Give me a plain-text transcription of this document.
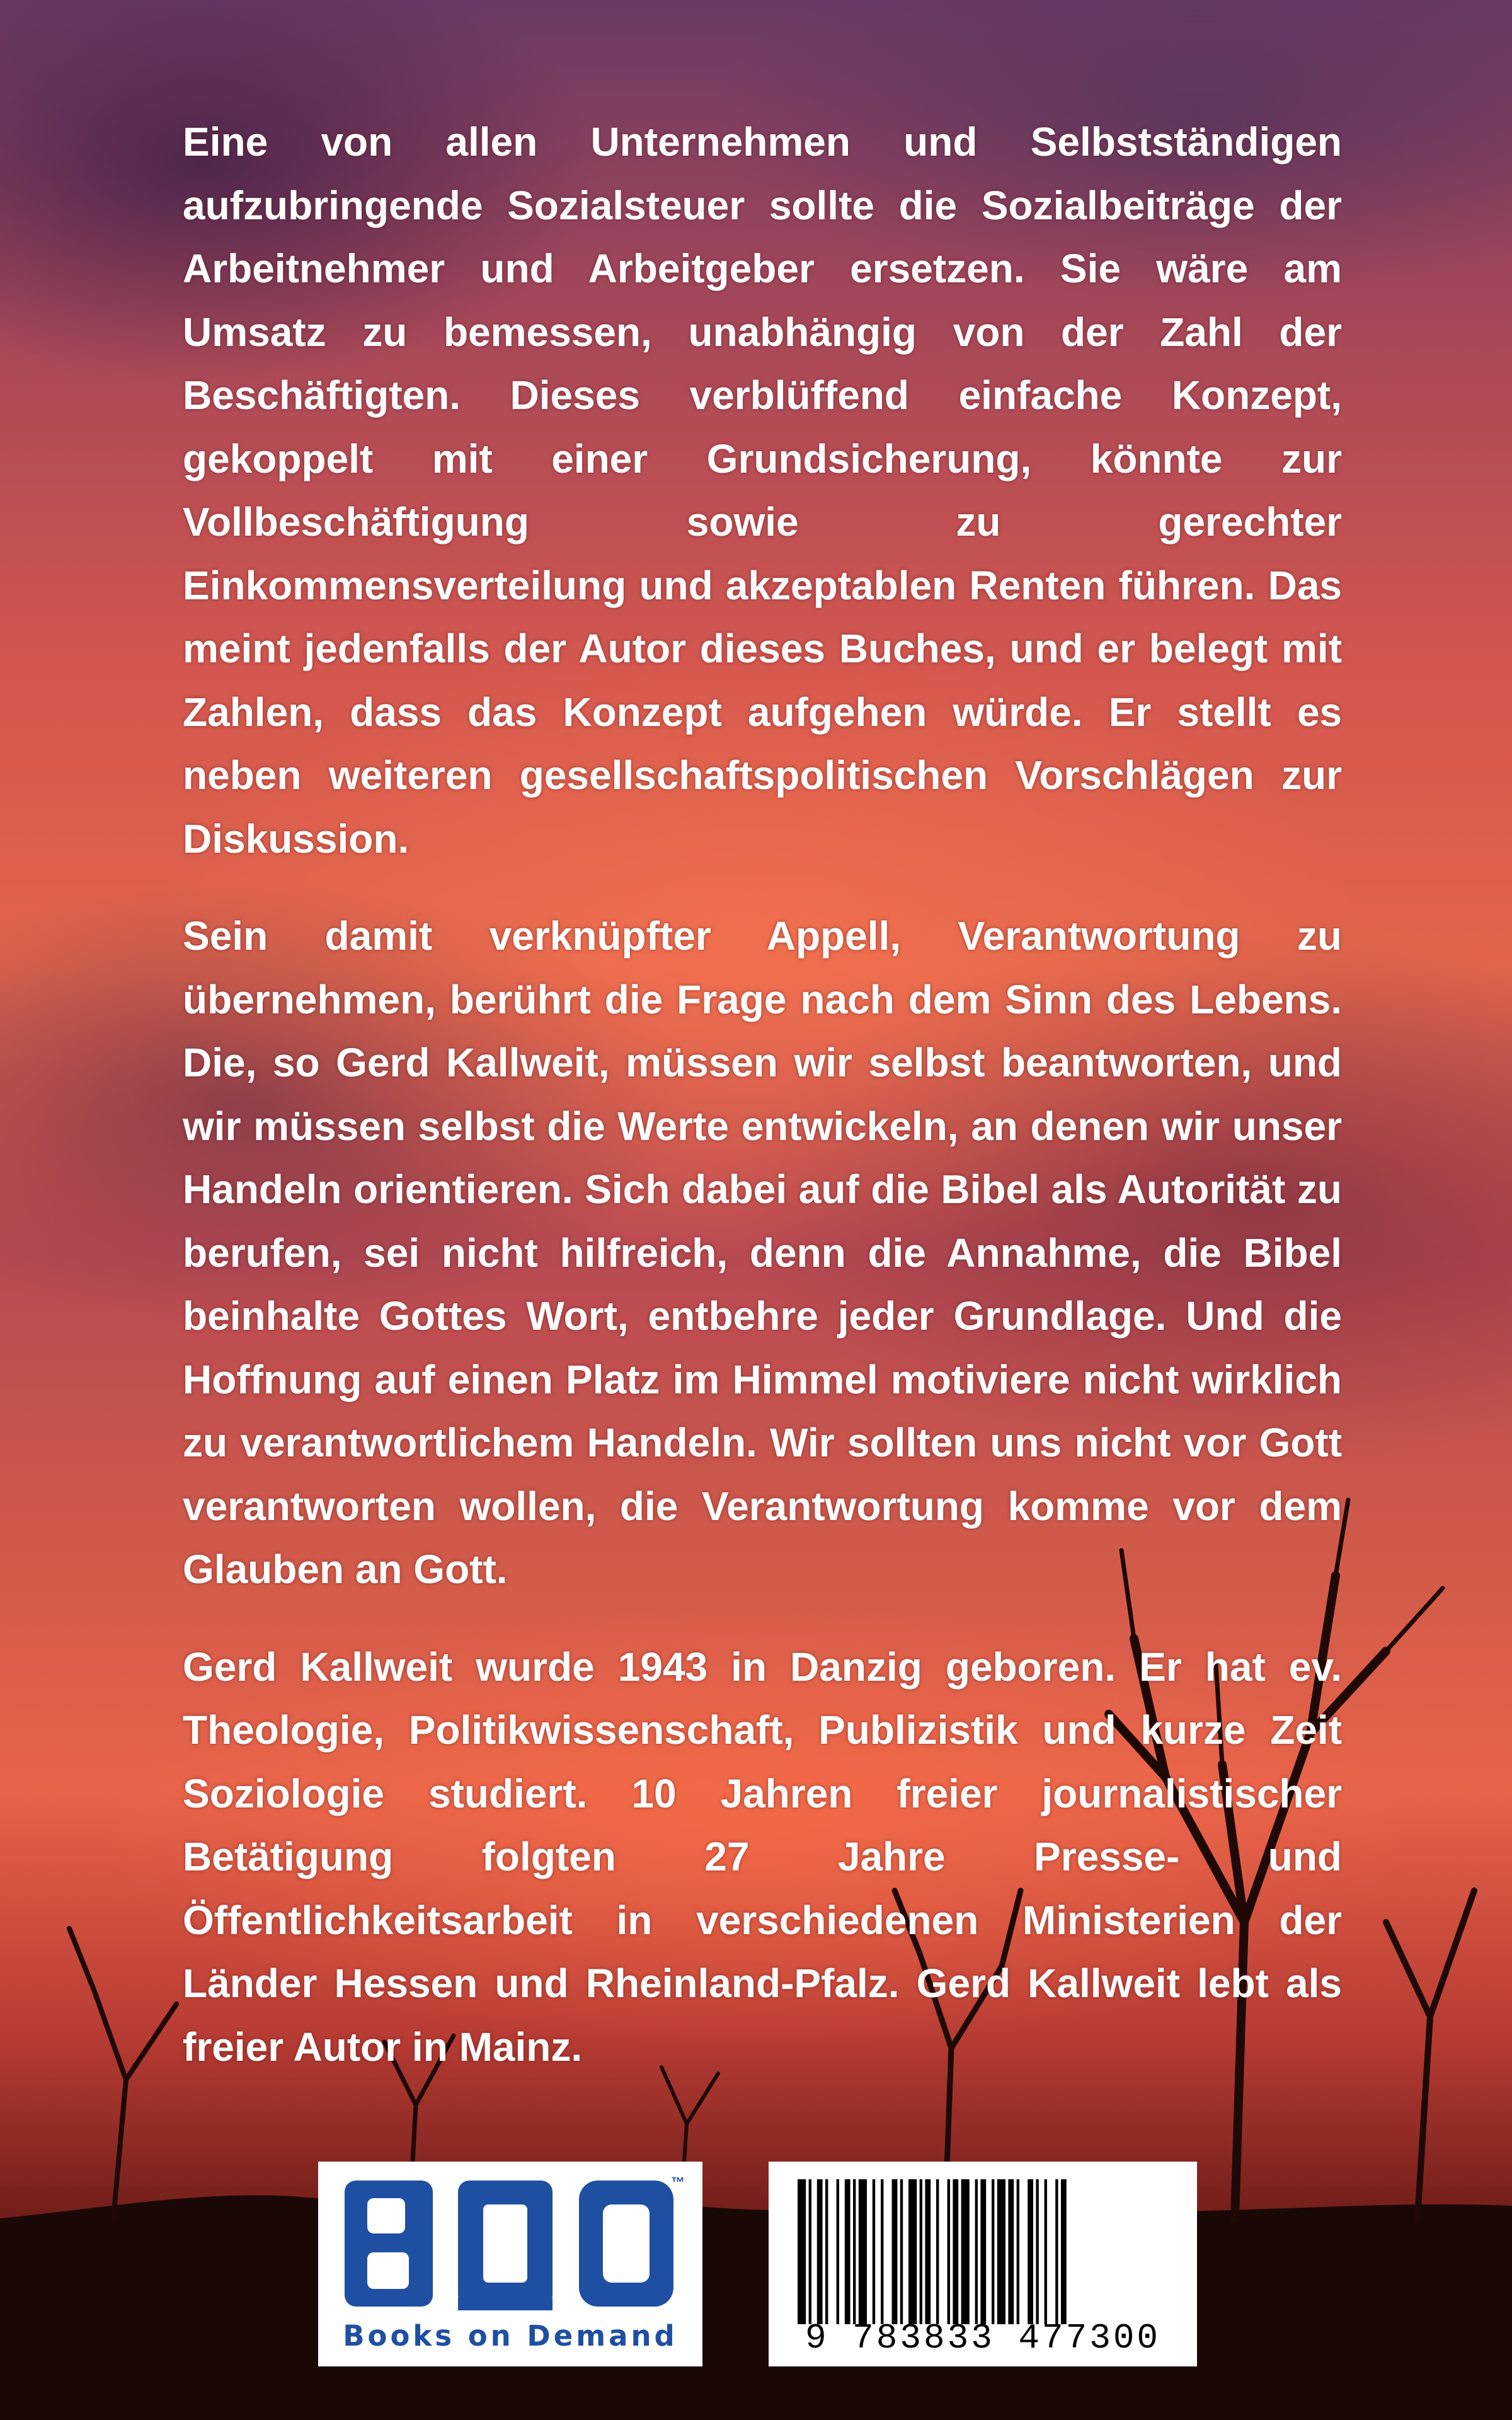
Eine von allen Unternehmen und Selbstständigen aufzubringende Sozialsteuer sollte die Sozialbeiträge der Arbeitnehmer und Arbeitgeber ersetzen. Sie wäre am Umsatz zu bemessen, unabhängig von der Zahl der Beschäftigten. Dieses verblüffend einfache Konzept, gekoppelt mit einer Grundsicherung, könnte zur Vollbeschäftigung sowie zu gerechter Einkommensverteilung und akzeptablen Renten führen. Das meint jedenfalls der Autor dieses Buches, und er belegt mit Zahlen, dass das Konzept aufgehen würde. Er stellt es neben weiteren gesellschaftspolitischen Vorschlägen zur Diskussion.

Sein damit verknüpfter Appell, Verantwortung zu übernehmen, berührt die Frage nach dem Sinn des Lebens. Die, so Gerd Kallweit, müssen wir selbst beantworten, und wir müssen selbst die Werte entwickeln, an denen wir unser Handeln orientieren. Sich dabei auf die Bibel als Autorität zu berufen, sei nicht hilfreich, denn die Annahme, die Bibel beinhalte Gottes Wort, entbehre jeder Grundlage. Und die Hoffnung auf einen Platz im Himmel motiviere nicht wirklich zu verantwortlichem Handeln. Wir sollten uns nicht vor Gott verantworten wollen, die Verantwortung komme vor dem Glauben an Gott.

Gerd Kallweit wurde 1943 in Danzig geboren. Er hat ev. Theologie, Politikwissenschaft, Publizistik und kurze Zeit Soziologie studiert. 10 Jahren freier journalistischer Betätigung folgten 27 Jahre Presse- und Öffentlichkeitsarbeit in verschiedenen Ministerien der Länder Hessen und Rheinland-Pfalz. Gerd Kallweit lebt als freier Autor in Mainz.

™
Books on Demand	9 783833 477300
